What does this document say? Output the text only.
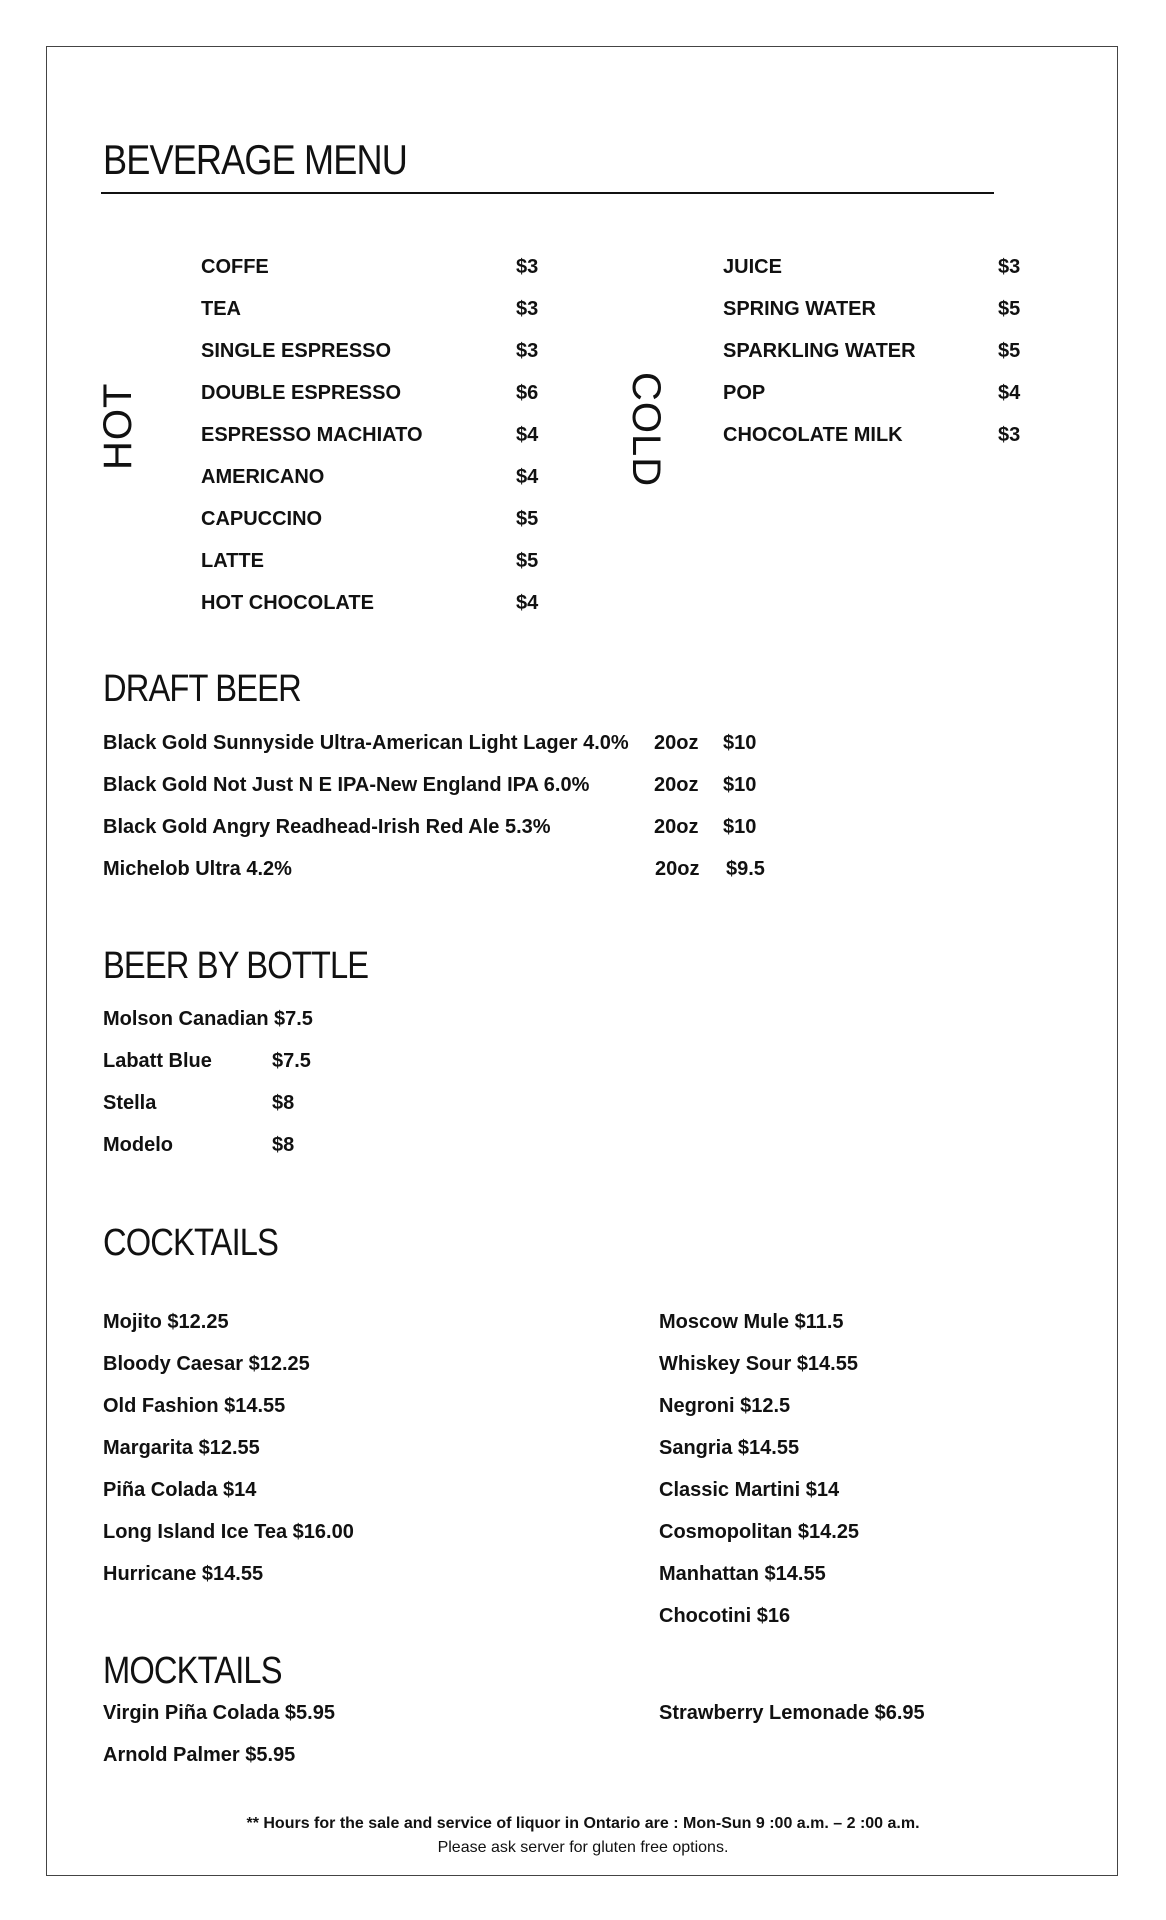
BEVERAGE MENU
HOT	COLD
DRAFT BEER
BEER BY BOTTLE
COCKTAILS
MOCKTAILS
COFFE	$3
TEA	$3
SINGLE ESPRESSO	$3
DOUBLE ESPRESSO	$6
ESPRESSO MACHIATO	$4
AMERICANO	$4
CAPUCCINO	$5
LATTE	$5
HOT CHOCOLATE	$4
JUICE	$3
SPRING WATER	$5
SPARKLING WATER	$5
POP	$4
CHOCOLATE MILK	$3
Black Gold Sunnyside Ultra-American Light Lager 4.0% 20oz $10
Black Gold Not Just N E IPA-New England IPA 6.0%	20oz $10
Black Gold Angry Readhead-Irish Red Ale 5.3%	20oz $10
Michelob Ultra 4.2%	20oz $9.5
Molson Canadian $7.5
Labatt Blue	$7.5
Stella	$8
Modelo	$8
Mojito $12.25
Bloody Caesar $12.25
Old Fashion $14.55
Margarita $12.55
Piña Colada $14
Long Island Ice Tea $16.00
Hurricane $14.55
Moscow Mule $11.5
Whiskey Sour $14.55
Negroni $12.5
Sangria $14.55
Classic Martini $14
Cosmopolitan $14.25
Manhattan $14.55
Chocotini $16
Virgin Piña Colada $5.95
Arnold Palmer $5.95
Strawberry Lemonade $6.95
** Hours for the sale and service of liquor in Ontario are : Mon-Sun 9 :00 a.m. – 2 :00 a.m.
Please ask server for gluten free options.
